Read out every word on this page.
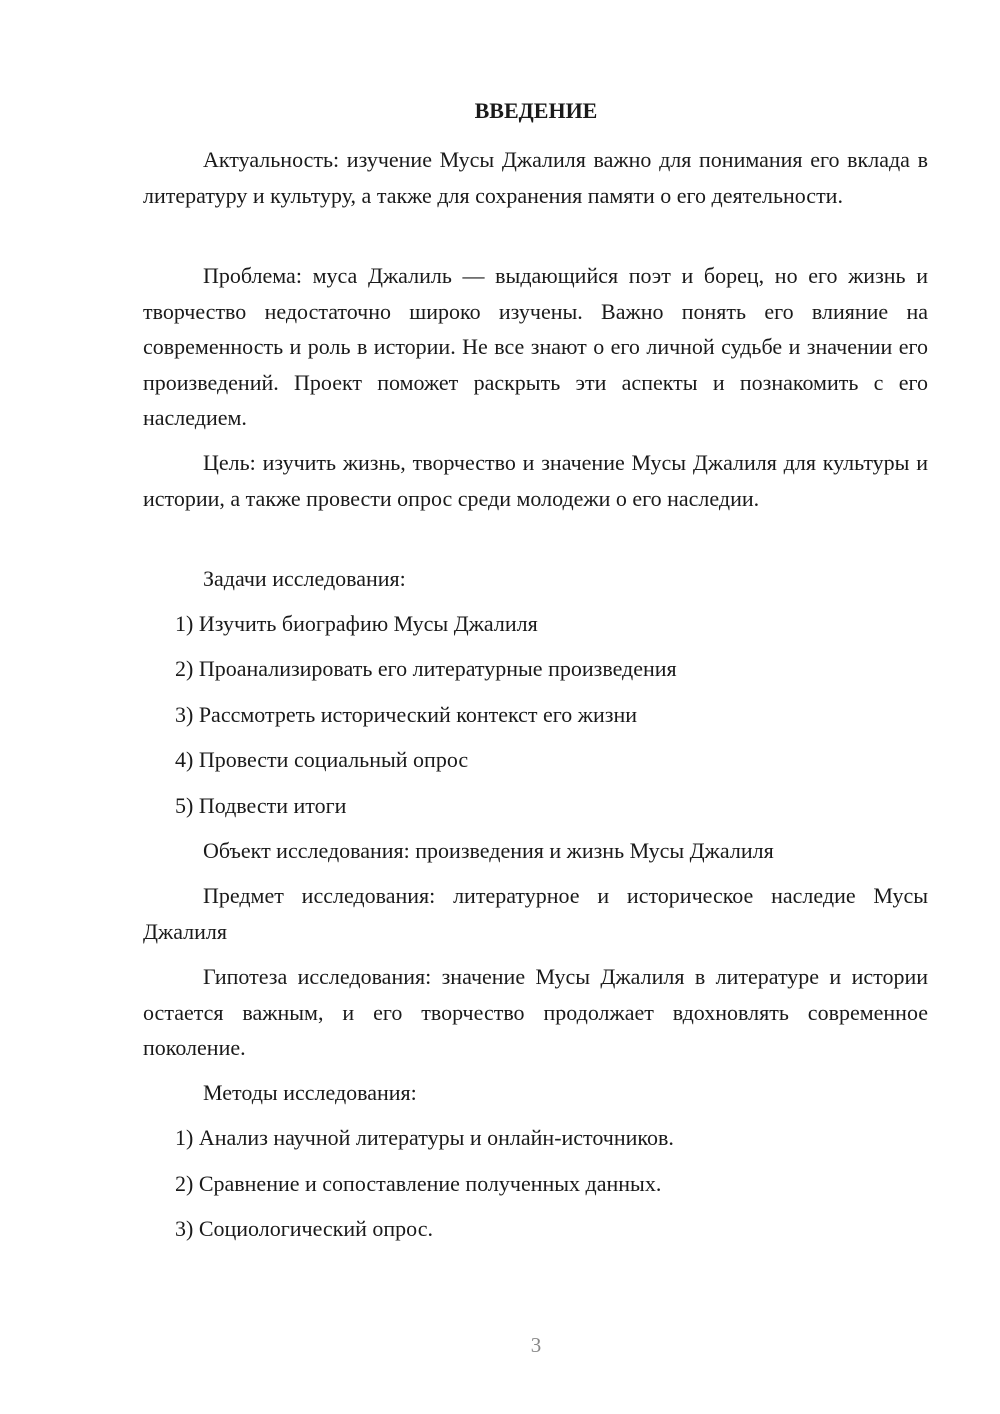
ВВЕДЕНИЕ
Актуальность: изучение Мусы Джалиля важно для понимания его вклада в литературу и культуру, а также для сохранения памяти о его деятельности.
Проблема: муса Джалиль — выдающийся поэт и борец, но его жизнь и творчество недостаточно широко изучены. Важно понять его влияние на современность и роль в истории. Не все знают о его личной судьбе и значении его произведений. Проект поможет раскрыть эти аспекты и познакомить с его наследием.
Цель: изучить жизнь, творчество и значение Мусы Джалиля для культуры и истории, а также провести опрос среди молодежи о его наследии.
Задачи исследования:
1) Изучить биографию Мусы Джалиля
2) Проанализировать его литературные произведения
3) Рассмотреть исторический контекст его жизни
4) Провести социальный опрос
5) Подвести итоги
Объект исследования: произведения и жизнь Мусы Джалиля
Предмет исследования: литературное и историческое наследие Мусы Джалиля
Гипотеза исследования: значение Мусы Джалиля в литературе и истории остается важным, и его творчество продолжает вдохновлять современное поколение.
Методы исследования:
1) Анализ научной литературы и онлайн-источников.
2) Сравнение и сопоставление полученных данных.
3) Социологический опрос.
3
